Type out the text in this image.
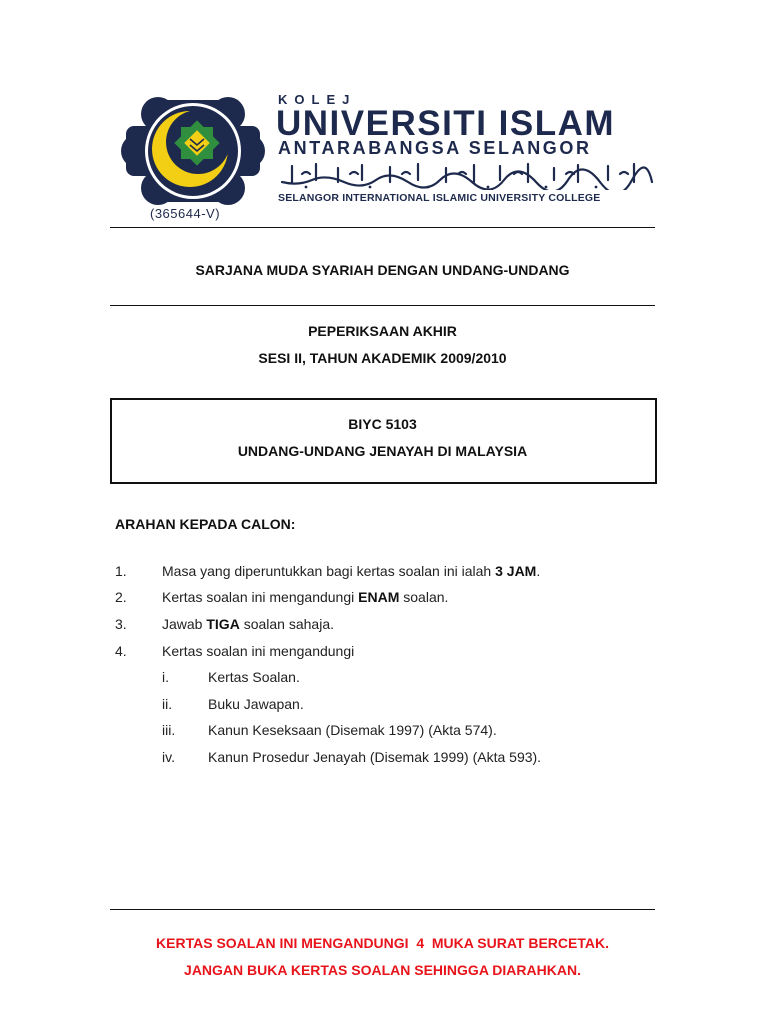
(365644-V)
KOLEJ
UNIVERSITI ISLAM
ANTARABANGSA SELANGOR
الكلية الجامعية الإسلامية العالمية بسلانجور
SELANGOR INTERNATIONAL ISLAMIC UNIVERSITY COLLEGE
SARJANA MUDA SYARIAH DENGAN UNDANG-UNDANG
PEPERIKSAAN AKHIR
SESI II, TAHUN AKADEMIK 2009/2010
BIYC 5103
UNDANG-UNDANG JENAYAH DI MALAYSIA
ARAHAN KEPADA CALON:
1.	Masa yang diperuntukkan bagi kertas soalan ini ialah 3 JAM.
2.	Kertas soalan ini mengandungi ENAM soalan.
3.	Jawab TIGA soalan sahaja.
4.	Kertas soalan ini mengandungi
i.	Kertas Soalan.
ii.	Buku Jawapan.
iii. Kanun Keseksaan (Disemak 1997) (Akta 574).
iv. Kanun Prosedur Jenayah (Disemak 1999) (Akta 593).
KERTAS SOALAN INI MENGANDUNGI  4  MUKA SURAT BERCETAK.
JANGAN BUKA KERTAS SOALAN SEHINGGA DIARAHKAN.
